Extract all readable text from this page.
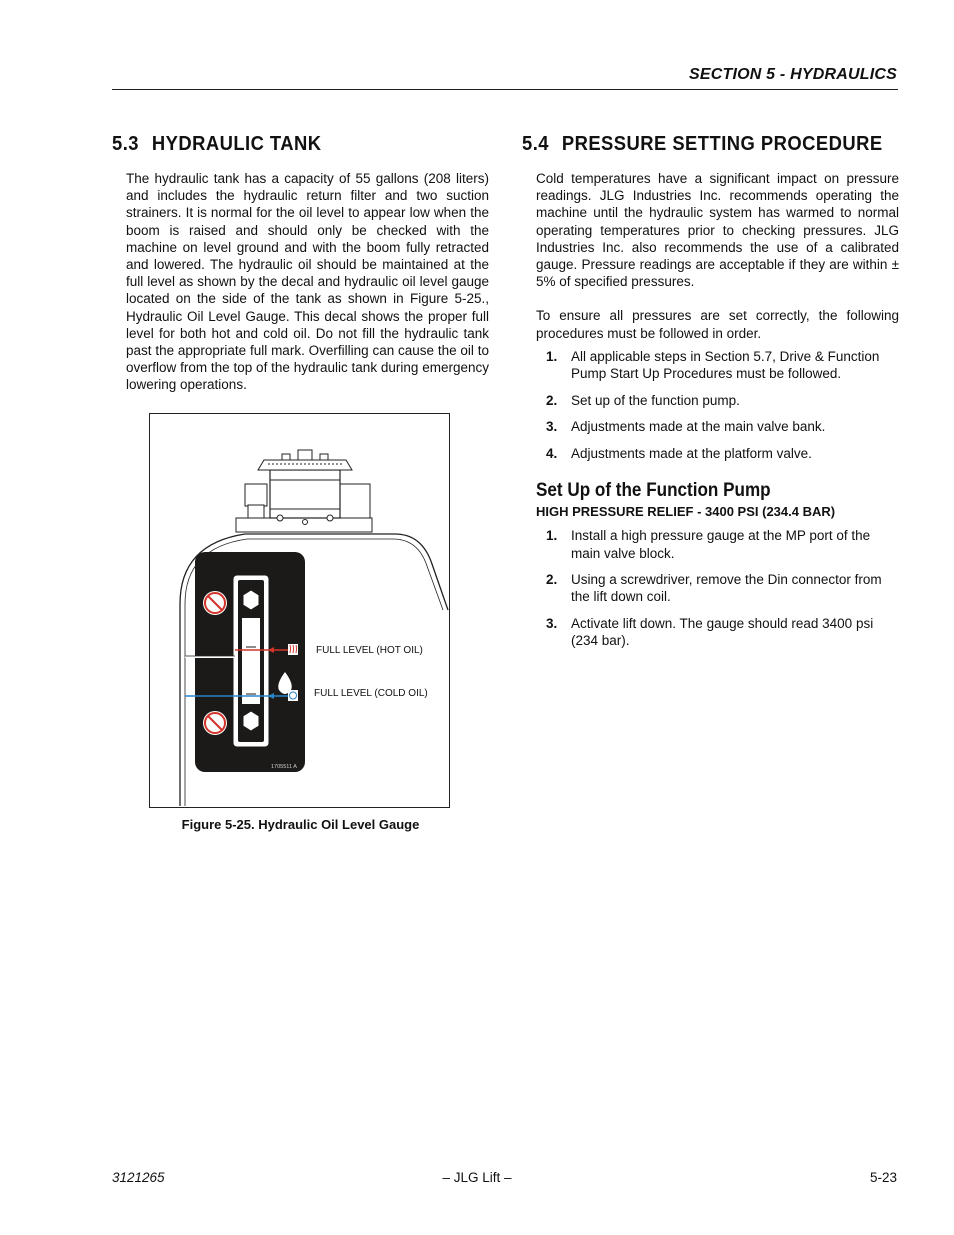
SECTION 5 - HYDRAULICS
5.3 HYDRAULIC TANK

The hydraulic tank has a capacity of 55 gallons (208 liters) and includes the hydraulic return filter and two suction strainers. It is normal for the oil level to appear low when the boom is raised and should only be checked with the machine on level ground and with the boom fully retracted and lowered. The hydraulic oil should be maintained at the full level as shown by the decal and hydraulic oil level gauge located on the side of the tank as shown in Figure 5-25., Hydraulic Oil Level Gauge. This decal shows the proper full level for both hot and cold oil. Do not fill the hydraulic tank past the appropriate full mark. Overfilling can cause the oil to overflow from the top of the hydraulic tank during emergency lowering operations.

1705511 A
FULL LEVEL (HOT OIL)
FULL LEVEL (COLD OIL)
Figure 5-25. Hydraulic Oil Level Gauge
5.4 PRESSURE SETTING PROCEDURE

Cold temperatures have a significant impact on pressure readings. JLG Industries Inc. recommends operating the machine until the hydraulic system has warmed to normal operating temperatures prior to checking pressures. JLG Industries Inc. also recommends the use of a calibrated gauge. Pressure readings are acceptable if they are within ± 5% of specified pressures.

To ensure all pressures are set correctly, the following procedures must be followed in order.

1. All applicable steps in Section 5.7, Drive & Function Pump Start Up Procedures must be followed.
2. Set up of the function pump.
3. Adjustments made at the main valve bank.
4. Adjustments made at the platform valve.
Set Up of the Function Pump
HIGH PRESSURE RELIEF - 3400 PSI (234.4 BAR)
1. Install a high pressure gauge at the MP port of the main valve block.
2. Using a screwdriver, remove the Din connector from the lift down coil.
3. Activate lift down. The gauge should read 3400 psi (234 bar).
3121265	– JLG Lift –	5-23
